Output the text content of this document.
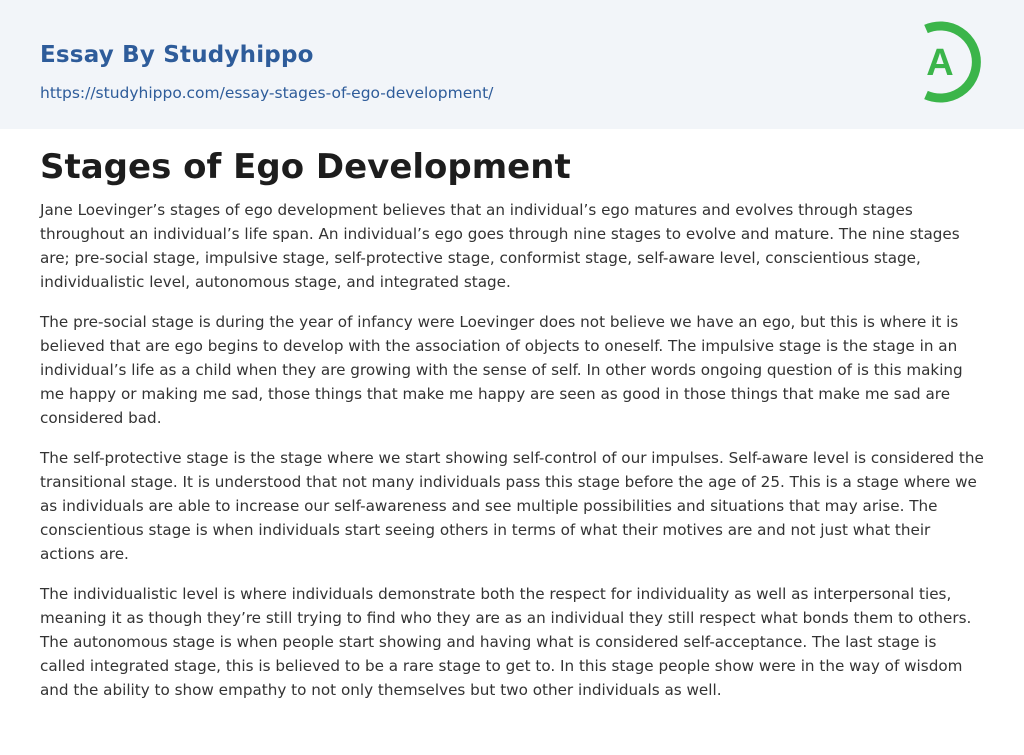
Essay By Studyhippo
https://studyhippo.com/essay-stages-of-ego-development/
A
Stages of Ego Development

Jane Loevinger’s stages of ego development believes that an individual’s ego matures and evolves through stages throughout an individual’s life span. An individual’s ego goes through nine stages to evolve and mature. The nine stages are; pre-social stage, impulsive stage, self-protective stage, conformist stage, self-aware level, conscientious stage, individualistic level, autonomous stage, and integrated stage.

The pre-social stage is during the year of infancy were Loevinger does not believe we have an ego, but this is where it is believed that are ego begins to develop with the association of objects to oneself. The impulsive stage is the stage in an individual’s life as a child when they are growing with the sense of self. In other words ongoing question of is this making me happy or making me sad, those things that make me happy are seen as good in those things that make me sad are considered bad.

The self-protective stage is the stage where we start showing self-control of our impulses. Self-aware level is considered the transitional stage. It is understood that not many individuals pass this stage before the age of 25. This is a stage where we as individuals are able to increase our self-awareness and see multiple possibilities and situations that may arise. The conscientious stage is when individuals start seeing others in terms of what their motives are and not just what their actions are.

The individualistic level is where individuals demonstrate both the respect for individuality as well as interpersonal ties, meaning it as though they’re still trying to find who they are as an individual they still respect what bonds them to others. The autonomous stage is when people start showing and having what is considered self-acceptance. The last stage is called integrated stage, this is believed to be a rare stage to get to. In this stage people show were in the way of wisdom and the ability to show empathy to not only themselves but two other individuals as well.
